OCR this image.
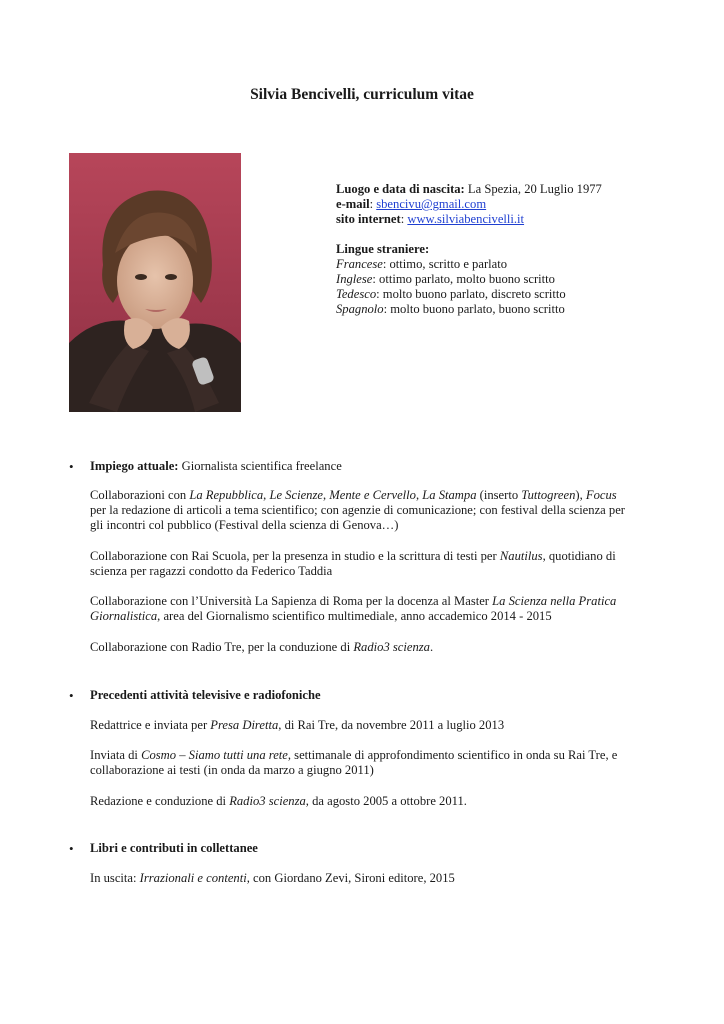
Silvia Bencivelli, curriculum vitae
Luogo e data di nascita: La Spezia, 20 Luglio 1977
e-mail: sbencivu@gmail.com
sito internet: www.silviabencivelli.it
Lingue straniere:
Francese: ottimo, scritto e parlato
Inglese: ottimo parlato, molto buono scritto
Tedesco: molto buono parlato, discreto scritto
Spagnolo: molto buono parlato, buono scritto
• Impiego attuale: Giornalista scientifica freelance
Collaborazioni con La Repubblica, Le Scienze, Mente e Cervello, La Stampa (inserto Tuttogreen), Focus per la redazione di articoli a tema scientifico; con agenzie di comunicazione; con festival della scienza per gli incontri col pubblico (Festival della scienza di Genova…)
Collaborazione con Rai Scuola, per la presenza in studio e la scrittura di testi per Nautilus, quotidiano di scienza per ragazzi condotto da Federico Taddia
Collaborazione con l’Università La Sapienza di Roma per la docenza al Master La Scienza nella Pratica Giornalistica, area del Giornalismo scientifico multimediale, anno accademico 2014 - 2015
Collaborazione con Radio Tre, per la conduzione di Radio3 scienza.
• Precedenti attività televisive e radiofoniche
Redattrice e inviata per Presa Diretta, di Rai Tre, da novembre 2011 a luglio 2013
Inviata di Cosmo – Siamo tutti una rete, settimanale di approfondimento scientifico in onda su Rai Tre, e collaborazione ai testi (in onda da marzo a giugno 2011)
Redazione e conduzione di Radio3 scienza, da agosto 2005 a ottobre 2011.
• Libri e contributi in collettanee
In uscita: Irrazionali e contenti, con Giordano Zevi, Sironi editore, 2015
